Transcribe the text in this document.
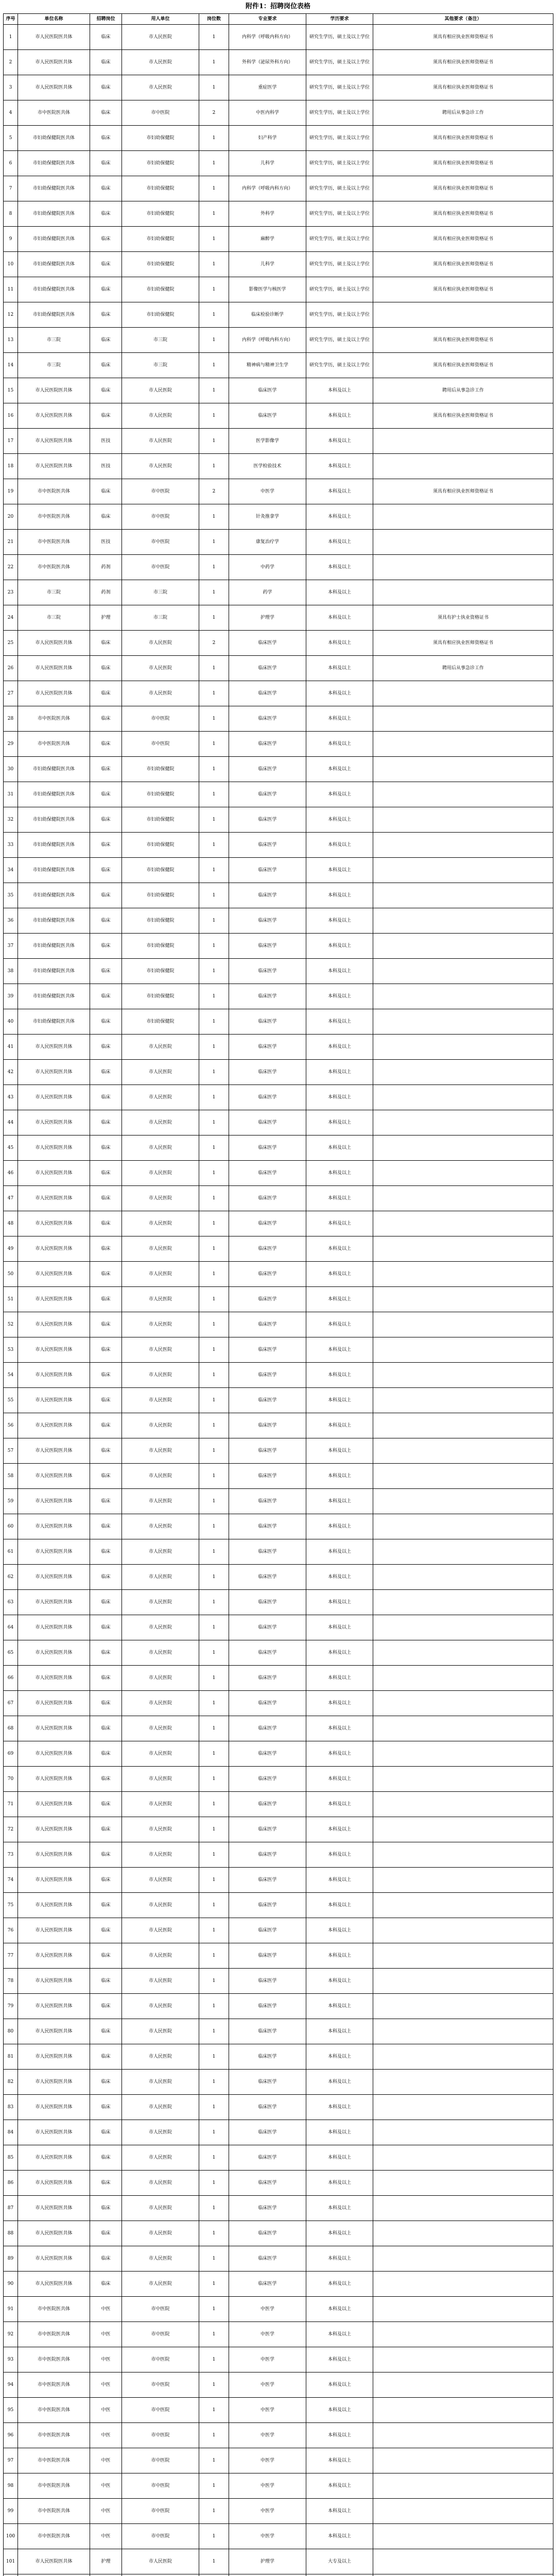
附件1：招聘岗位表格
序号	单位名称	招聘岗位	用人单位	岗位数	专业要求	学历要求	其他要求（备注）
1	市人民医院医共体	临床	市人民医院	1	内科学（呼吸内科方向）	研究生学历，硕士及以上学位	须具有相应执业医师资格证书
2	市人民医院医共体	临床	市人民医院	1	外科学（泌尿外科方向）	研究生学历，硕士及以上学位	须具有相应执业医师资格证书
3	市人民医院医共体	临床	市人民医院	1	重症医学	研究生学历，硕士及以上学位	须具有相应执业医师资格证书
4	市中医院医共体	临床	市中医院	2	中医内科学	研究生学历，硕士及以上学位	聘用后从事急诊工作
5	市妇幼保健院医共体	临床	市妇幼保健院	1	妇产科学	研究生学历，硕士及以上学位	须具有相应执业医师资格证书
6	市妇幼保健院医共体	临床	市妇幼保健院	1	儿科学	研究生学历，硕士及以上学位	须具有相应执业医师资格证书
7	市妇幼保健院医共体	临床	市妇幼保健院	1	内科学（呼吸内科方向）	研究生学历，硕士及以上学位	须具有相应执业医师资格证书
8	市妇幼保健院医共体	临床	市妇幼保健院	1	外科学	研究生学历，硕士及以上学位	须具有相应执业医师资格证书
9	市妇幼保健院医共体	临床	市妇幼保健院	1	麻醉学	研究生学历，硕士及以上学位	须具有相应执业医师资格证书
10	市妇幼保健院医共体	临床	市妇幼保健院	1	儿科学	研究生学历，硕士及以上学位	须具有相应执业医师资格证书
11	市妇幼保健院医共体	临床	市妇幼保健院	1	影像医学与核医学	研究生学历，硕士及以上学位	须具有相应执业医师资格证书
12	市妇幼保健院医共体	临床	市妇幼保健院	1	临床检验诊断学	研究生学历，硕士及以上学位	
13	市三院	临床	市三院	1	内科学（呼吸内科方向）	研究生学历，硕士及以上学位	须具有相应执业医师资格证书
14	市三院	临床	市三院	1	精神病与精神卫生学	研究生学历，硕士及以上学位	须具有相应执业医师资格证书
15	市人民医院医共体	临床	市人民医院	1	临床医学	本科及以上	聘用后从事急诊工作
16	市人民医院医共体	临床	市人民医院	1	临床医学	本科及以上	须具有相应执业医师资格证书
17	市人民医院医共体	医技	市人民医院	1	医学影像学	本科及以上	
18	市人民医院医共体	医技	市人民医院	1	医学检验技术	本科及以上	
19	市中医院医共体	临床	市中医院	2	中医学	本科及以上	须具有相应执业医师资格证书
20	市中医院医共体	临床	市中医院	1	针灸推拿学	本科及以上	
21	市中医院医共体	医技	市中医院	1	康复治疗学	本科及以上	
22	市中医院医共体	药剂	市中医院	1	中药学	本科及以上	
23	市三院	药剂	市三院	1	药学	本科及以上	
24	市三院	护理	市三院	1	护理学	本科及以上	须具有护士执业资格证书
25	市人民医院医共体	临床	市人民医院	2	临床医学	本科及以上	须具有相应执业医师资格证书
26	市人民医院医共体	临床	市人民医院	1	临床医学	本科及以上	聘用后从事急诊工作
27	市人民医院医共体	临床	市人民医院	1	临床医学	本科及以上	
28	市中医院医共体	临床	市中医院	1	临床医学	本科及以上	
29	市中医院医共体	临床	市中医院	1	临床医学	本科及以上	
30	市妇幼保健院医共体	临床	市妇幼保健院	1	临床医学	本科及以上	
31	市妇幼保健院医共体	临床	市妇幼保健院	1	临床医学	本科及以上	
32	市妇幼保健院医共体	临床	市妇幼保健院	1	临床医学	本科及以上	
33	市妇幼保健院医共体	临床	市妇幼保健院	1	临床医学	本科及以上	
34	市妇幼保健院医共体	临床	市妇幼保健院	1	临床医学	本科及以上	
35	市妇幼保健院医共体	临床	市妇幼保健院	1	临床医学	本科及以上	
36	市妇幼保健院医共体	临床	市妇幼保健院	1	临床医学	本科及以上	
37	市妇幼保健院医共体	临床	市妇幼保健院	1	临床医学	本科及以上	
38	市妇幼保健院医共体	临床	市妇幼保健院	1	临床医学	本科及以上	
39	市妇幼保健院医共体	临床	市妇幼保健院	1	临床医学	本科及以上	
40	市妇幼保健院医共体	临床	市妇幼保健院	1	临床医学	本科及以上	
41	市人民医院医共体	临床	市人民医院	1	临床医学	本科及以上	
42	市人民医院医共体	临床	市人民医院	1	临床医学	本科及以上	
43	市人民医院医共体	临床	市人民医院	1	临床医学	本科及以上	
44	市人民医院医共体	临床	市人民医院	1	临床医学	本科及以上	
45	市人民医院医共体	临床	市人民医院	1	临床医学	本科及以上	
46	市人民医院医共体	临床	市人民医院	1	临床医学	本科及以上	
47	市人民医院医共体	临床	市人民医院	1	临床医学	本科及以上	
48	市人民医院医共体	临床	市人民医院	1	临床医学	本科及以上	
49	市人民医院医共体	临床	市人民医院	1	临床医学	本科及以上	
50	市人民医院医共体	临床	市人民医院	1	临床医学	本科及以上	
51	市人民医院医共体	临床	市人民医院	1	临床医学	本科及以上	
52	市人民医院医共体	临床	市人民医院	1	临床医学	本科及以上	
53	市人民医院医共体	临床	市人民医院	1	临床医学	本科及以上	
54	市人民医院医共体	临床	市人民医院	1	临床医学	本科及以上	
55	市人民医院医共体	临床	市人民医院	1	临床医学	本科及以上	
56	市人民医院医共体	临床	市人民医院	1	临床医学	本科及以上	
57	市人民医院医共体	临床	市人民医院	1	临床医学	本科及以上	
58	市人民医院医共体	临床	市人民医院	1	临床医学	本科及以上	
59	市人民医院医共体	临床	市人民医院	1	临床医学	本科及以上	
60	市人民医院医共体	临床	市人民医院	1	临床医学	本科及以上	
61	市人民医院医共体	临床	市人民医院	1	临床医学	本科及以上	
62	市人民医院医共体	临床	市人民医院	1	临床医学	本科及以上	
63	市人民医院医共体	临床	市人民医院	1	临床医学	本科及以上	
64	市人民医院医共体	临床	市人民医院	1	临床医学	本科及以上	
65	市人民医院医共体	临床	市人民医院	1	临床医学	本科及以上	
66	市人民医院医共体	临床	市人民医院	1	临床医学	本科及以上	
67	市人民医院医共体	临床	市人民医院	1	临床医学	本科及以上	
68	市人民医院医共体	临床	市人民医院	1	临床医学	本科及以上	
69	市人民医院医共体	临床	市人民医院	1	临床医学	本科及以上	
70	市人民医院医共体	临床	市人民医院	1	临床医学	本科及以上	
71	市人民医院医共体	临床	市人民医院	1	临床医学	本科及以上	
72	市人民医院医共体	临床	市人民医院	1	临床医学	本科及以上	
73	市人民医院医共体	临床	市人民医院	1	临床医学	本科及以上	
74	市人民医院医共体	临床	市人民医院	1	临床医学	本科及以上	
75	市人民医院医共体	临床	市人民医院	1	临床医学	本科及以上	
76	市人民医院医共体	临床	市人民医院	1	临床医学	本科及以上	
77	市人民医院医共体	临床	市人民医院	1	临床医学	本科及以上	
78	市人民医院医共体	临床	市人民医院	1	临床医学	本科及以上	
79	市人民医院医共体	临床	市人民医院	1	临床医学	本科及以上	
80	市人民医院医共体	临床	市人民医院	1	临床医学	本科及以上	
81	市人民医院医共体	临床	市人民医院	1	临床医学	本科及以上	
82	市人民医院医共体	临床	市人民医院	1	临床医学	本科及以上	
83	市人民医院医共体	临床	市人民医院	1	临床医学	本科及以上	
84	市人民医院医共体	临床	市人民医院	1	临床医学	本科及以上	
85	市人民医院医共体	临床	市人民医院	1	临床医学	本科及以上	
86	市人民医院医共体	临床	市人民医院	1	临床医学	本科及以上	
87	市人民医院医共体	临床	市人民医院	1	临床医学	本科及以上	
88	市人民医院医共体	临床	市人民医院	1	临床医学	本科及以上	
89	市人民医院医共体	临床	市人民医院	1	临床医学	本科及以上	
90	市人民医院医共体	临床	市人民医院	1	临床医学	本科及以上	
91	市中医院医共体	中医	市中医院	1	中医学	本科及以上	
92	市中医院医共体	中医	市中医院	1	中医学	本科及以上	
93	市中医院医共体	中医	市中医院	1	中医学	本科及以上	
94	市中医院医共体	中医	市中医院	1	中医学	本科及以上	
95	市中医院医共体	中医	市中医院	1	中医学	本科及以上	
96	市中医院医共体	中医	市中医院	1	中医学	本科及以上	
97	市中医院医共体	中医	市中医院	1	中医学	本科及以上	
98	市中医院医共体	中医	市中医院	1	中医学	本科及以上	
99	市中医院医共体	中医	市中医院	1	中医学	本科及以上	
100	市中医院医共体	中医	市中医院	1	中医学	本科及以上	
101	市人民医院医共体	护理	市人民医院	1	护理学	大专及以上	
